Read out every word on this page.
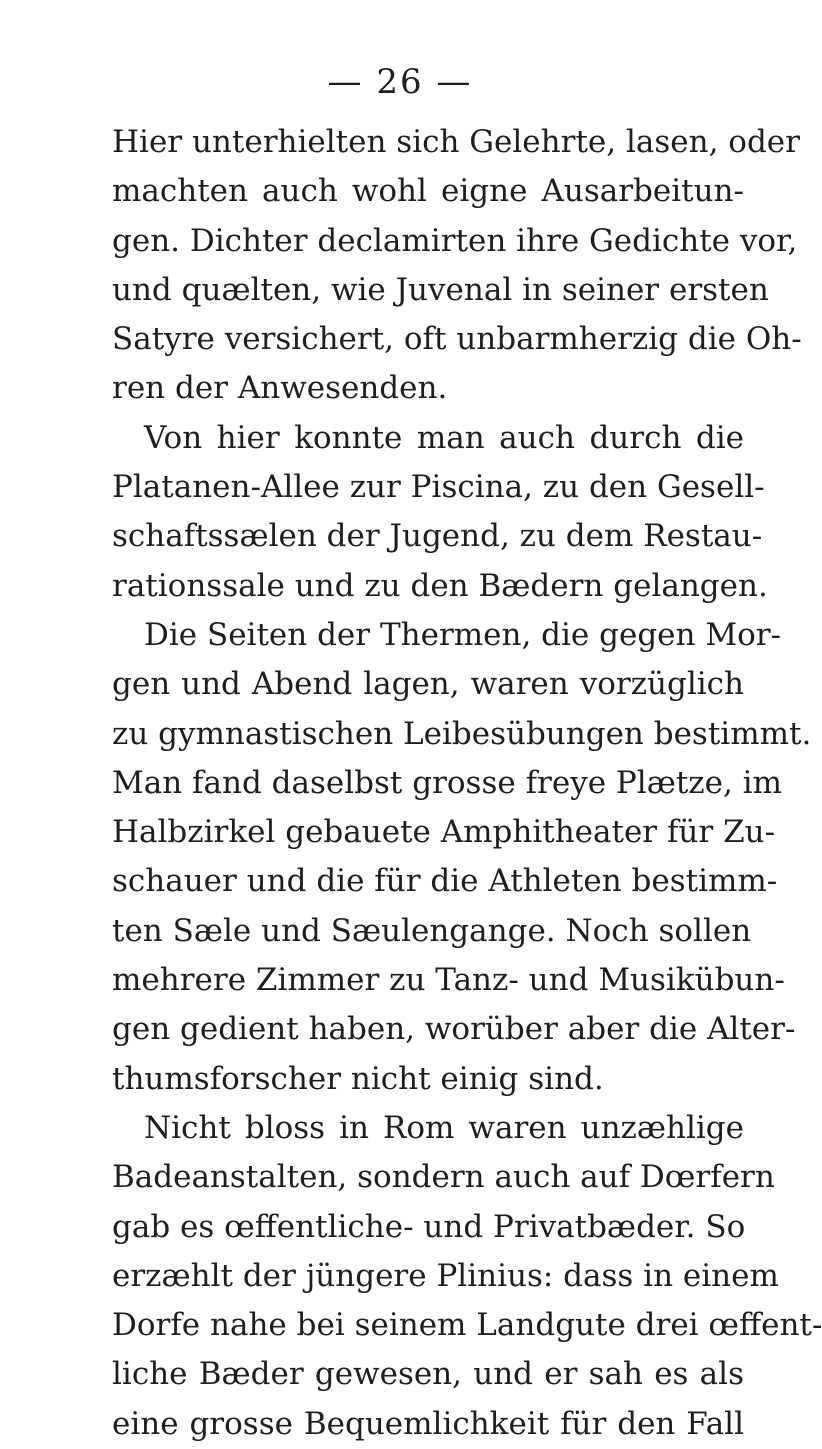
— 26 —
Hier unterhielten sich Gelehrte, lasen, oder
machten auch wohl eigne Ausarbeitun-
gen. Dichter declamirten ihre Gedichte vor,
und quælten, wie Juvenal in seiner ersten
Satyre versichert, oft unbarmherzig die Oh-
ren der Anwesenden.
Von hier konnte man auch durch die
Platanen-Allee zur Piscina, zu den Gesell-
schaftssælen der Jugend, zu dem Restau-
rationssale und zu den Bædern gelangen.
Die Seiten der Thermen, die gegen Mor-
gen und Abend lagen, waren vorzüglich
zu gymnastischen Leibesübungen bestimmt.
Man fand daselbst grosse freye Plætze, im
Halbzirkel gebauete Amphitheater für Zu-
schauer und die für die Athleten bestimm-
ten Sæle und Sæulengange. Noch sollen
mehrere Zimmer zu Tanz- und Musikübun-
gen gedient haben, worüber aber die Alter-
thumsforscher nicht einig sind.
Nicht bloss in Rom waren unzæhlige
Badeanstalten, sondern auch auf Dœrfern
gab es œffentliche- und Privatbæder. So
erzæhlt der jüngere Plinius: dass in einem
Dorfe nahe bei seinem Landgute drei œffent-
liche Bæder gewesen, und er sah es als
eine grosse Bequemlichkeit für den Fall
